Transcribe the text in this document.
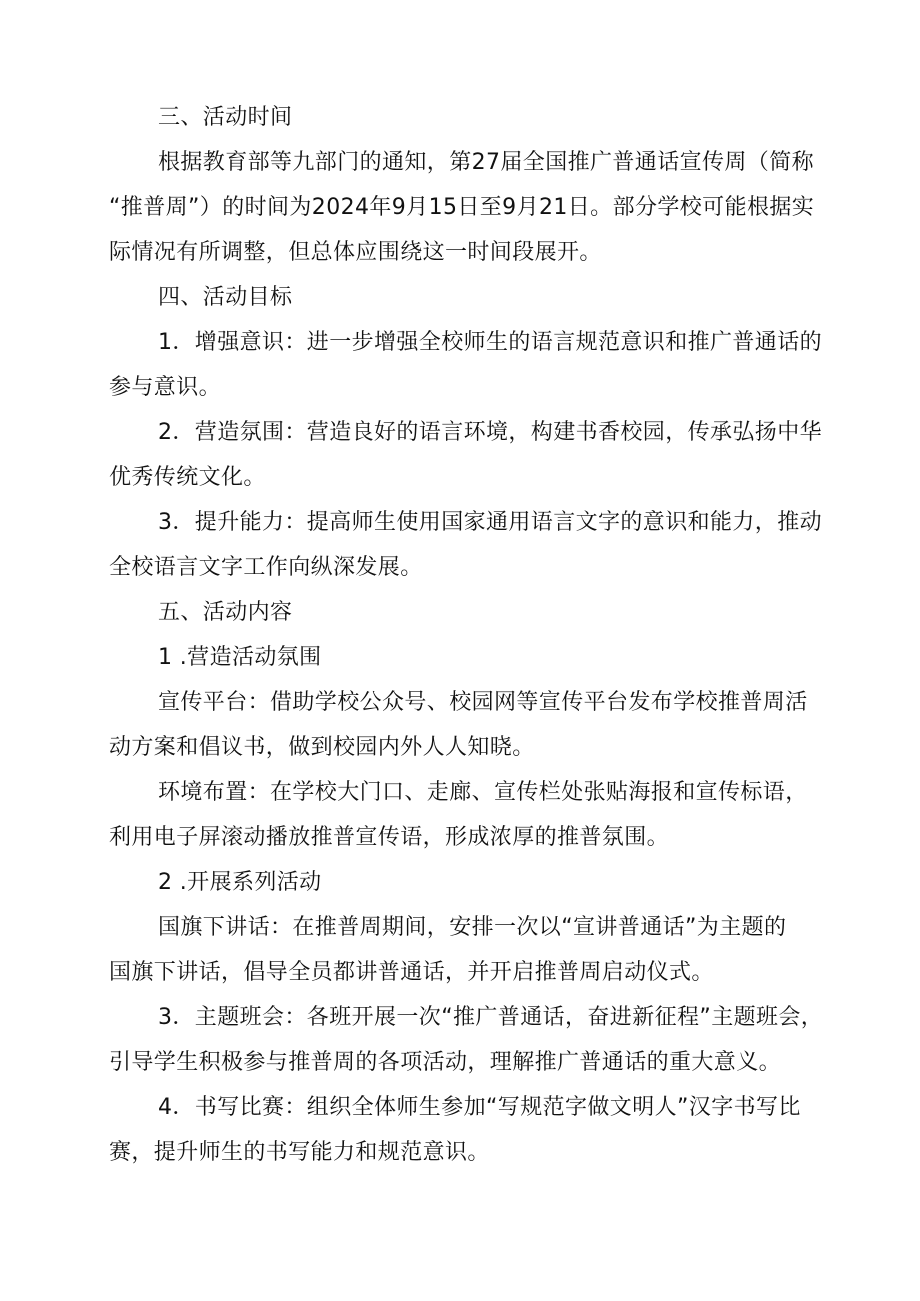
三、活动时间
根据教育部等九部门的通知，第27届全国推广普通话宣传周（简称
“推普周”）的时间为2024年9月15日至9月21日。部分学校可能根据实
际情况有所调整，但总体应围绕这一时间段展开。
四、活动目标
1．增强意识：进一步增强全校师生的语言规范意识和推广普通话的
参与意识。
2．营造氛围：营造良好的语言环境，构建书香校园，传承弘扬中华
优秀传统文化。
3．提升能力：提高师生使用国家通用语言文字的意识和能力，推动
全校语言文字工作向纵深发展。
五、活动内容
1 .营造活动氛围
宣传平台：借助学校公众号、校园网等宣传平台发布学校推普周活
动方案和倡议书，做到校园内外人人知晓。
环境布置：在学校大门口、走廊、宣传栏处张贴海报和宣传标语，
利用电子屏滚动播放推普宣传语，形成浓厚的推普氛围。
2 .开展系列活动
国旗下讲话：在推普周期间，安排一次以“宣讲普通话”为主题的
国旗下讲话，倡导全员都讲普通话，并开启推普周启动仪式。
3．主题班会：各班开展一次“推广普通话，奋进新征程”主题班会，
引导学生积极参与推普周的各项活动，理解推广普通话的重大意义。
4．书写比赛：组织全体师生参加“写规范字做文明人”汉字书写比
赛，提升师生的书写能力和规范意识。
